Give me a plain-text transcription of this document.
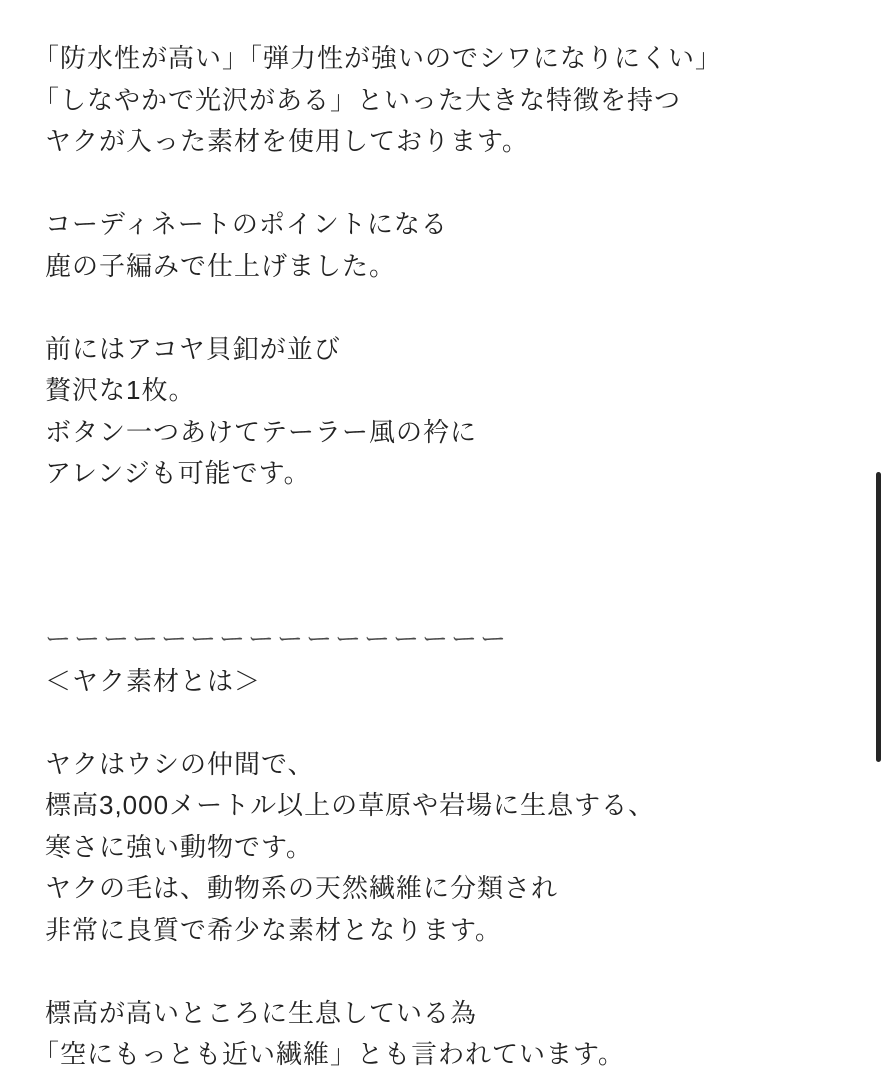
「防水性が高い」「弾力性が強いのでシワになりにくい」
「しなやかで光沢がある」といった大きな特徴を持つ
ヤクが入った素材を使用しております。
コーディネートのポイントになる
鹿の子編みで仕上げました。
前にはアコヤ貝釦が並び
贅沢な1枚。
ボタン一つあけてテーラー風の衿に
アレンジも可能です。
ーーーーーーーーーーーーーーーー
＜ヤク素材とは＞
ヤクはウシの仲間で、
標高3,000メートル以上の草原や岩場に生息する、
寒さに強い動物です。
ヤクの毛は、動物系の天然繊維に分類され
非常に良質で希少な素材となります。
標高が高いところに生息している為
「空にもっとも近い繊維」とも言われています。
